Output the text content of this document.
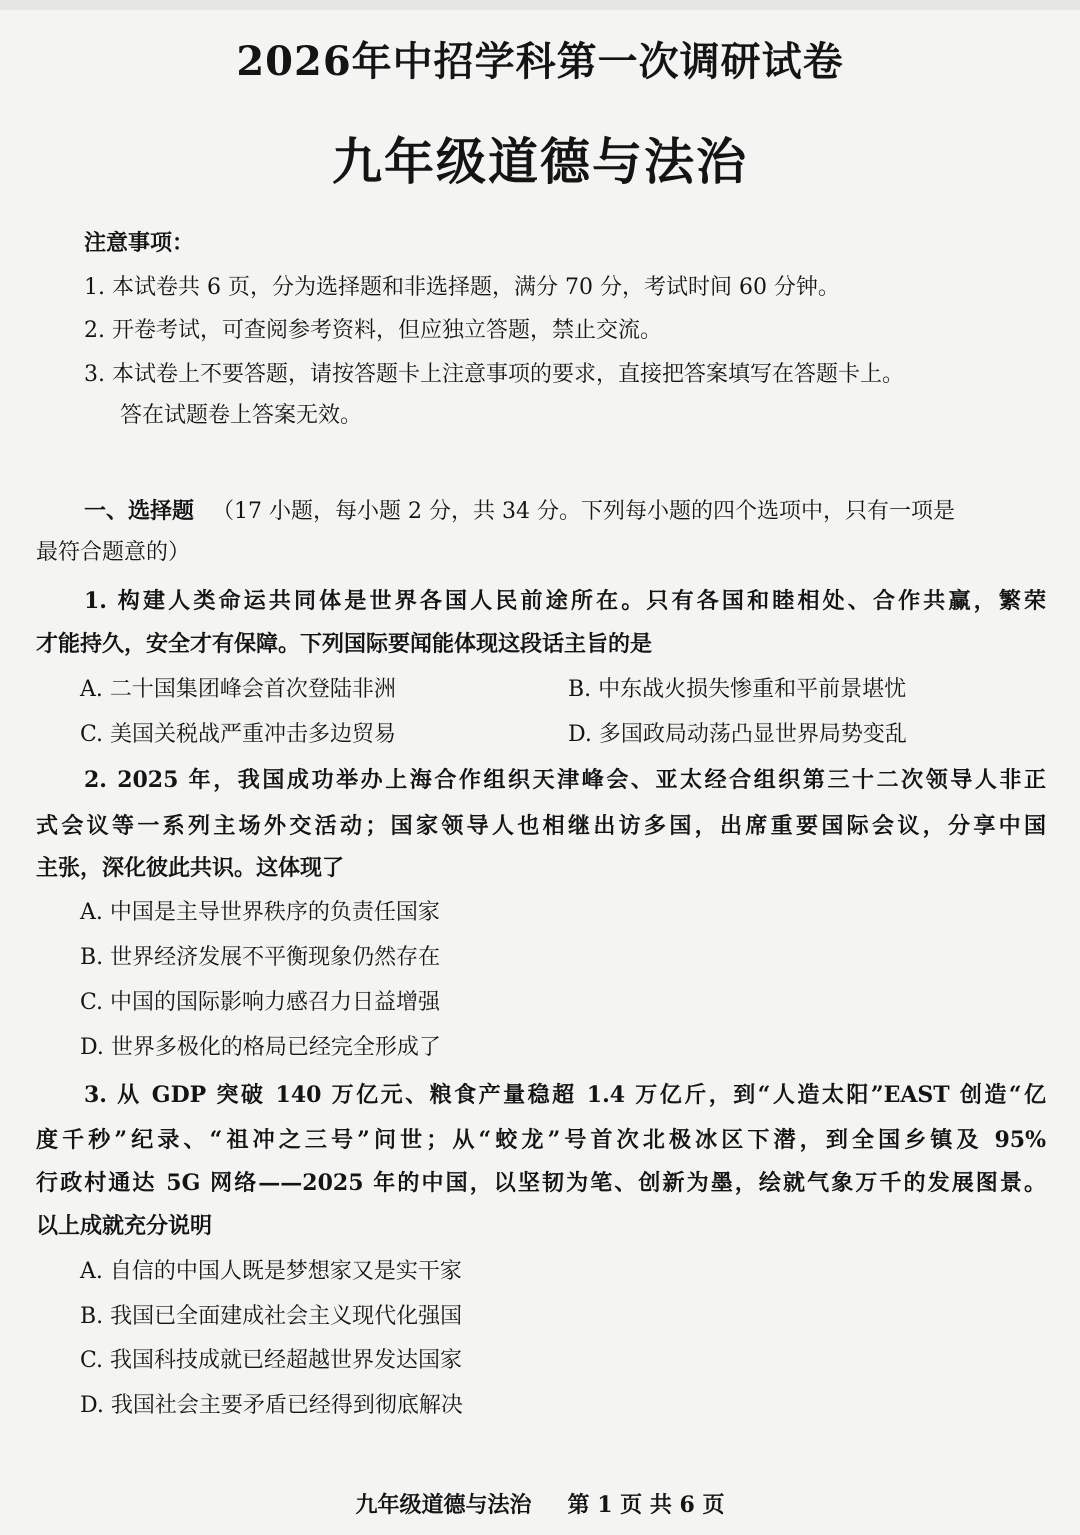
2026年中招学科第一次调研试卷
九年级道德与法治
注意事项：
1. 本试卷共 6 页，分为选择题和非选择题，满分 70 分，考试时间 60 分钟。
2. 开卷考试，可查阅参考资料，但应独立答题，禁止交流。
3. 本试卷上不要答题，请按答题卡上注意事项的要求，直接把答案填写在答题卡上。
答在试题卷上答案无效。
一、选择题 （17 小题，每小题 2 分，共 34 分。下列每小题的四个选项中，只有一项是
最符合题意的）
1. 构建人类命运共同体是世界各国人民前途所在。只有各国和睦相处、合作共赢，繁荣
才能持久，安全才有保障。下列国际要闻能体现这段话主旨的是
A. 二十国集团峰会首次登陆非洲	B. 中东战火损失惨重和平前景堪忧
C. 美国关税战严重冲击多边贸易	D. 多国政局动荡凸显世界局势变乱
2. 2025 年，我国成功举办上海合作组织天津峰会、亚太经合组织第三十二次领导人非正
式会议等一系列主场外交活动；国家领导人也相继出访多国，出席重要国际会议，分享中国
主张，深化彼此共识。这体现了
A. 中国是主导世界秩序的负责任国家
B. 世界经济发展不平衡现象仍然存在
C. 中国的国际影响力感召力日益增强
D. 世界多极化的格局已经完全形成了
3. 从 GDP 突破 140 万亿元、粮食产量稳超 1.4 万亿斤，到“人造太阳”EAST 创造“亿
度千秒”纪录、“祖冲之三号”问世；从“蛟龙”号首次北极冰区下潜，到全国乡镇及 95%
行政村通达 5G 网络——2025 年的中国，以坚韧为笔、创新为墨，绘就气象万千的发展图景。
以上成就充分说明
A. 自信的中国人既是梦想家又是实干家
B. 我国已全面建成社会主义现代化强国
C. 我国科技成就已经超越世界发达国家
D. 我国社会主要矛盾已经得到彻底解决
九年级道德与法治 第 1 页 共 6 页
